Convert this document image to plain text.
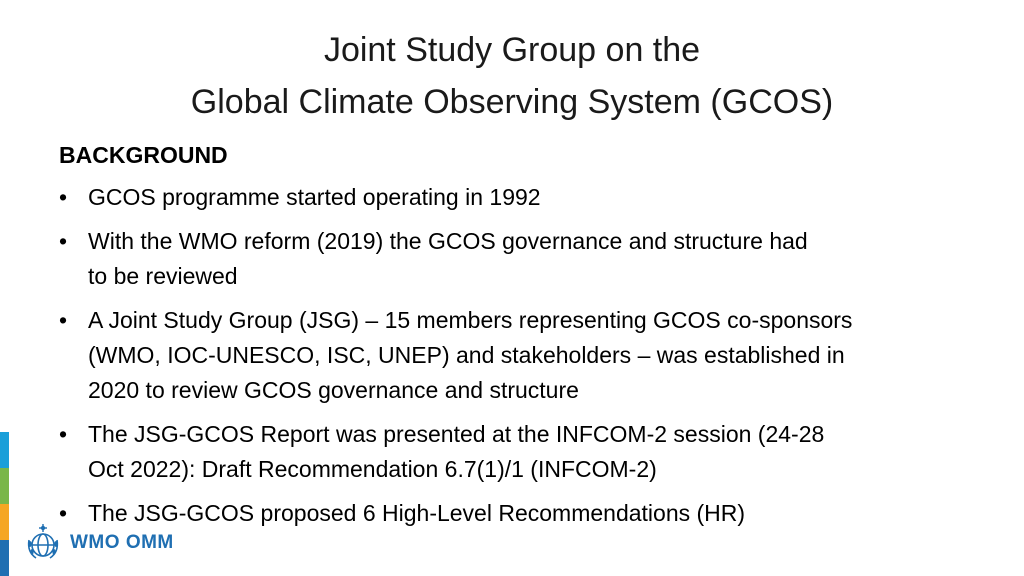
Joint Study Group on the
Global Climate Observing System (GCOS)
BACKGROUND
• GCOS programme started operating in 1992
• With the WMO reform (2019) the GCOS governance and structure had
to be reviewed
• A Joint Study Group (JSG) – 15 members representing GCOS co-sponsors
(WMO, IOC-UNESCO, ISC, UNEP) and stakeholders – was established in
2020 to review GCOS governance and structure
• The JSG-GCOS Report was presented at the INFCOM-2 session (24-28
Oct 2022): Draft Recommendation 6.7(1)/1 (INFCOM-2)
• The JSG-GCOS proposed 6 High-Level Recommendations (HR)
WMO OMM
